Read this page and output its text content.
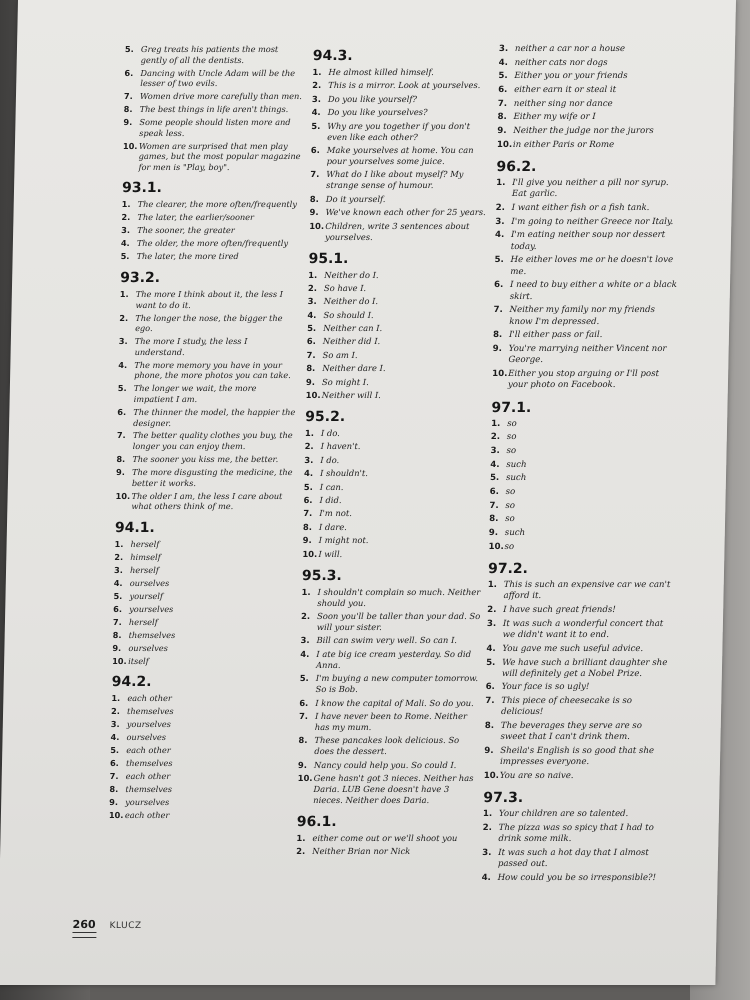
5. Greg treats his patients the most gently of all the dentists.
6. Dancing with Uncle Adam will be the lesser of two evils.
7. Women drive more carefully than men.
8. The best things in life aren't things.
9. Some people should listen more and speak less.
10. Women are surprised that men play games, but the most popular magazine for men is "Play, boy".
93.1.
1. The clearer, the more often/frequently
2. The later, the earlier/sooner
3. The sooner, the greater
4. The older, the more often/frequently
5. The later, the more tired
93.2.
1. The more I think about it, the less I want to do it.
2. The longer the nose, the bigger the ego.
3. The more I study, the less I understand.
4. The more memory you have in your phone, the more photos you can take.
5. The longer we wait, the more impatient I am.
6. The thinner the model, the happier the designer.
7. The better quality clothes you buy, the longer you can enjoy them.
8. The sooner you kiss me, the better.
9. The more disgusting the medicine, the better it works.
10. The older I am, the less I care about what others think of me.
94.1.
1. herself
2. himself
3. herself
4. ourselves
5. yourself
6. yourselves
7. herself
8. themselves
9. ourselves
10. itself
94.2.
1. each other
2. themselves
3. yourselves
4. ourselves
5. each other
6. themselves
7. each other
8. themselves
9. yourselves
10. each other
94.3.
1. He almost killed himself.
2. This is a mirror. Look at yourselves.
3. Do you like yourself?
4. Do you like yourselves?
5. Why are you together if you don't even like each other?
6. Make yourselves at home. You can pour yourselves some juice.
7. What do I like about myself? My strange sense of humour.
8. Do it yourself.
9. We've known each other for 25 years.
10. Children, write 3 sentences about yourselves.
95.1.
1. Neither do I.
2. So have I.
3. Neither do I.
4. So should I.
5. Neither can I.
6. Neither did I.
7. So am I.
8. Neither dare I.
9. So might I.
10. Neither will I.
95.2.
1. I do.
2. I haven't.
3. I do.
4. I shouldn't.
5. I can.
6. I did.
7. I'm not.
8. I dare.
9. I might not.
10. I will.
95.3.
1. I shouldn't complain so much. Neither should you.
2. Soon you'll be taller than your dad. So will your sister.
3. Bill can swim very well. So can I.
4. I ate big ice cream yesterday. So did Anna.
5. I'm buying a new computer tomorrow. So is Bob.
6. I know the capital of Mali. So do you.
7. I have never been to Rome. Neither has my mum.
8. These pancakes look delicious. So does the dessert.
9. Nancy could help you. So could I.
10. Gene hasn't got 3 nieces. Neither has Daria. LUB Gene doesn't have 3 nieces. Neither does Daria.
96.1.
1. either come out or we'll shoot you
2. Neither Brian nor Nick
3. neither a car nor a house
4. neither cats nor dogs
5. Either you or your friends
6. either earn it or steal it
7. neither sing nor dance
8. Either my wife or I
9. Neither the judge nor the jurors
10. in either Paris or Rome
96.2.
1. I'll give you neither a pill nor syrup. Eat garlic.
2. I want either fish or a fish tank.
3. I'm going to neither Greece nor Italy.
4. I'm eating neither soup nor dessert today.
5. He either loves me or he doesn't love me.
6. I need to buy either a white or a black skirt.
7. Neither my family nor my friends know I'm depressed.
8. I'll either pass or fail.
9. You're marrying neither Vincent nor George.
10. Either you stop arguing or I'll post your photo on Facebook.
97.1.
1. so
2. so
3. so
4. such
5. such
6. so
7. so
8. so
9. such
10. so
97.2.
1. This is such an expensive car we can't afford it.
2. I have such great friends!
3. It was such a wonderful concert that we didn't want it to end.
4. You gave me such useful advice.
5. We have such a brilliant daughter she will definitely get a Nobel Prize.
6. Your face is so ugly!
7. This piece of cheesecake is so delicious!
8. The beverages they serve are so sweet that I can't drink them.
9. Sheila's English is so good that she impresses everyone.
10. You are so naive.
97.3.
1. Your children are so talented.
2. The pizza was so spicy that I had to drink some milk.
3. It was such a hot day that I almost passed out.
4. How could you be so irresponsible?!
260 KLUCZ
